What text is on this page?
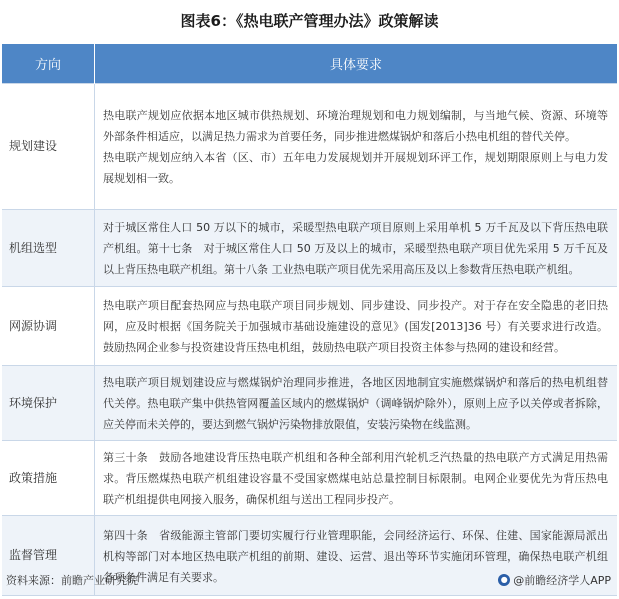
图表6：《热电联产管理办法》政策解读
方向	具体要求
规划建设	热电联产规划应依据本地区城市供热规划、环境治理规划和电力规划编制，与当地气候、资源、环境等外部条件相适应，以满足热力需求为首要任务，同步推进燃煤锅炉和落后小热电机组的替代关停。
热电联产规划应纳入本省（区、市）五年电力发展规划并开展规划环评工作，规划期限原则上与电力发展规划相一致。

机组选型	对于城区常住人口 50 万以下的城市，采暖型热电联产项目原则上采用单机 5 万千瓦及以下背压热电联产机组。第十七条　对于城区常住人口 50 万及以上的城市，采暖型热电联产项目优先采用 5 万千瓦及以上背压热电联产机组。第十八条 工业热电联产项目优先采用高压及以上参数背压热电联产机组。

网源协调	热电联产项目配套热网应与热电联产项目同步规划、同步建设、同步投产。对于存在安全隐患的老旧热网，应及时根据《国务院关于加强城市基础设施建设的意见》(国发[2013]36 号）有关要求进行改造。鼓励热网企业参与投资建设背压热电机组，鼓励热电联产项目投资主体参与热网的建设和经营。

环境保护	热电联产项目规划建设应与燃煤锅炉治理同步推进，各地区因地制宜实施燃煤锅炉和落后的热电机组替代关停。热电联产集中供热管网覆盖区域内的燃煤锅炉（调峰锅炉除外），原则上应予以关停或者拆除，应关停而未关停的，要达到燃气锅炉污染物排放限值，安装污染物在线监测。

政策措施	第三十条　鼓励各地建设背压热电联产机组和各种全部利用汽轮机乏汽热量的热电联产方式满足用热需求。背压燃煤热电联产机组建设容量不受国家燃煤电站总量控制目标限制。电网企业要优先为背压热电联产机组提供电网接入服务，确保机组与送出工程同步投产。

监督管理	第四十条　省级能源主管部门要切实履行行业管理职能，会同经济运行、环保、住建、国家能源局派出机构等部门对本地区热电联产机组的前期、建设、运营、退出等环节实施闭环管理，确保热电联产机组各项条件满足有关要求。
资料来源：前瞻产业研究院	● @前瞻经济学人APP
